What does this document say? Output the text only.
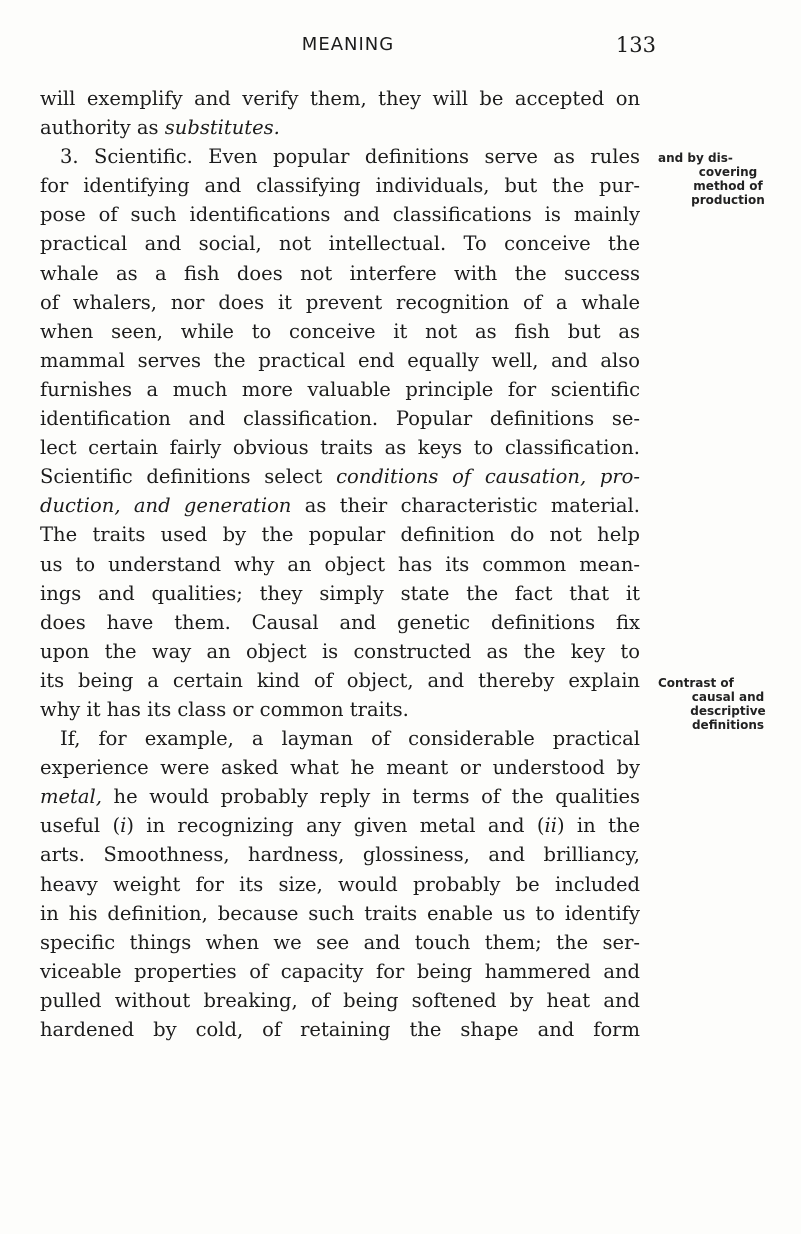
MEANING	133
will exemplify and verify them, they will be accepted on
authority as substitutes.
3. Scientific. Even popular definitions serve as rules
for identifying and classifying individuals, but the pur-
pose of such identifications and classifications is mainly
practical and social, not intellectual. To conceive the
whale as a fish does not interfere with the success
of whalers, nor does it prevent recognition of a whale
when seen, while to conceive it not as fish but as
mammal serves the practical end equally well, and also
furnishes a much more valuable principle for scientific
identification and classification. Popular definitions se-
lect certain fairly obvious traits as keys to classification.
Scientific definitions select conditions of causation, pro-
duction, and generation as their characteristic material.
The traits used by the popular definition do not help
us to understand why an object has its common mean-
ings and qualities; they simply state the fact that it
does have them. Causal and genetic definitions fix
upon the way an object is constructed as the key to
its being a certain kind of object, and thereby explain
why it has its class or common traits.
If, for example, a layman of considerable practical
experience were asked what he meant or understood by
metal, he would probably reply in terms of the qualities
useful (i) in recognizing any given metal and (ii) in the
arts. Smoothness, hardness, glossiness, and brilliancy,
heavy weight for its size, would probably be included
in his definition, because such traits enable us to identify
specific things when we see and touch them; the ser-
viceable properties of capacity for being hammered and
pulled without breaking, of being softened by heat and
hardened by cold, of retaining the shape and form
and by dis-
covering
method of
production
Contrast of
causal and
descriptive
definitions
